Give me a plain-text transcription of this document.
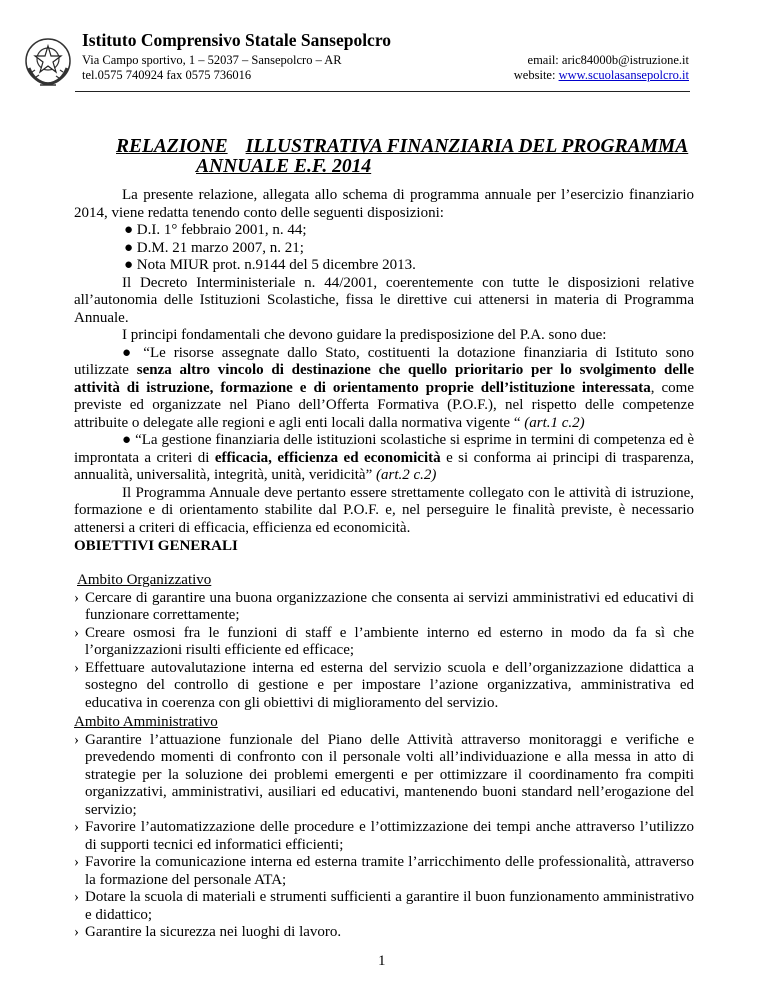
Istituto Comprensivo Statale Sansepolcro
Via Campo sportivo, 1 – 52037 – Sansepolcro – AR
tel.0575 740924 fax 0575 736016
email: aric84000b@istruzione.it
website: www.scuolasansepolcro.it
RELAZIONE ILLUSTRATIVA FINANZIARIA DEL PROGRAMMA
ANNUALE E.F. 2014

La presente relazione, allegata allo schema di programma annuale per l’esercizio finanziario 2014, viene redatta tenendo conto delle seguenti disposizioni:

● D.I. 1° febbraio 2001, n. 44;

● D.M. 21 marzo 2007, n. 21;

● Nota MIUR prot. n.9144 del 5 dicembre 2013.

Il Decreto Interministeriale n. 44/2001, coerentemente con tutte le disposizioni relative all’autonomia delle Istituzioni Scolastiche, fissa le direttive cui attenersi in materia di Programma Annuale.

I principi fondamentali che devono guidare la predisposizione del P.A. sono due:

● “Le risorse assegnate dallo Stato, costituenti la dotazione finanziaria di Istituto sono utilizzate senza altro vincolo di destinazione che quello prioritario per lo svolgimento delle attività di istruzione, formazione e di orientamento proprie dell’istituzione interessata, come previste ed organizzate nel Piano dell’Offerta Formativa (P.O.F.), nel rispetto delle competenze attribuite o delegate alle regioni e agli enti locali dalla normativa vigente “ (art.1 c.2)

● “La gestione finanziaria delle istituzioni scolastiche si esprime in termini di competenza ed è improntata a criteri di efficacia, efficienza ed economicità e si conforma ai principi di trasparenza, annualità, universalità, integrità, unità, veridicità” (art.2 c.2)

Il Programma Annuale deve pertanto essere strettamente collegato con le attività di istruzione, formazione e di orientamento stabilite dal P.O.F. e, nel perseguire le finalità previste, è necessario attenersi a criteri di efficacia, efficienza ed economicità.

OBIETTIVI GENERALI

Ambito Organizzativo

› Cercare di garantire una buona organizzazione che consenta ai servizi amministrativi ed educativi di funzionare correttamente;
› Creare osmosi fra le funzioni di staff e l’ambiente interno ed esterno in modo da fa sì che l’organizzazioni risulti efficiente ed efficace;
› Effettuare autovalutazione interna ed esterna del servizio scuola e dell’organizzazione didattica a sostegno del controllo di gestione e per impostare l’azione organizzativa, amministrativa ed educativa in coerenza con gli obiettivi di miglioramento del servizio.

Ambito Amministrativo

› Garantire l’attuazione funzionale del Piano delle Attività attraverso monitoraggi e verifiche e prevedendo momenti di confronto con il personale volti all’individuazione e alla messa in atto di strategie per la soluzione dei problemi emergenti e per ottimizzare il coordinamento fra compiti organizzativi, amministrativi, ausiliari ed educativi, mantenendo buoni standard nell’erogazione del servizio;
› Favorire l’automatizzazione delle procedure e l’ottimizzazione dei tempi anche attraverso l’utilizzo di supporti tecnici ed informatici efficienti;
› Favorire la comunicazione interna ed esterna tramite l’arricchimento delle professionalità, attraverso la formazione del personale ATA;
› Dotare la scuola di materiali e strumenti sufficienti a garantire il buon funzionamento amministrativo e didattico;
› Garantire la sicurezza nei luoghi di lavoro.
1
